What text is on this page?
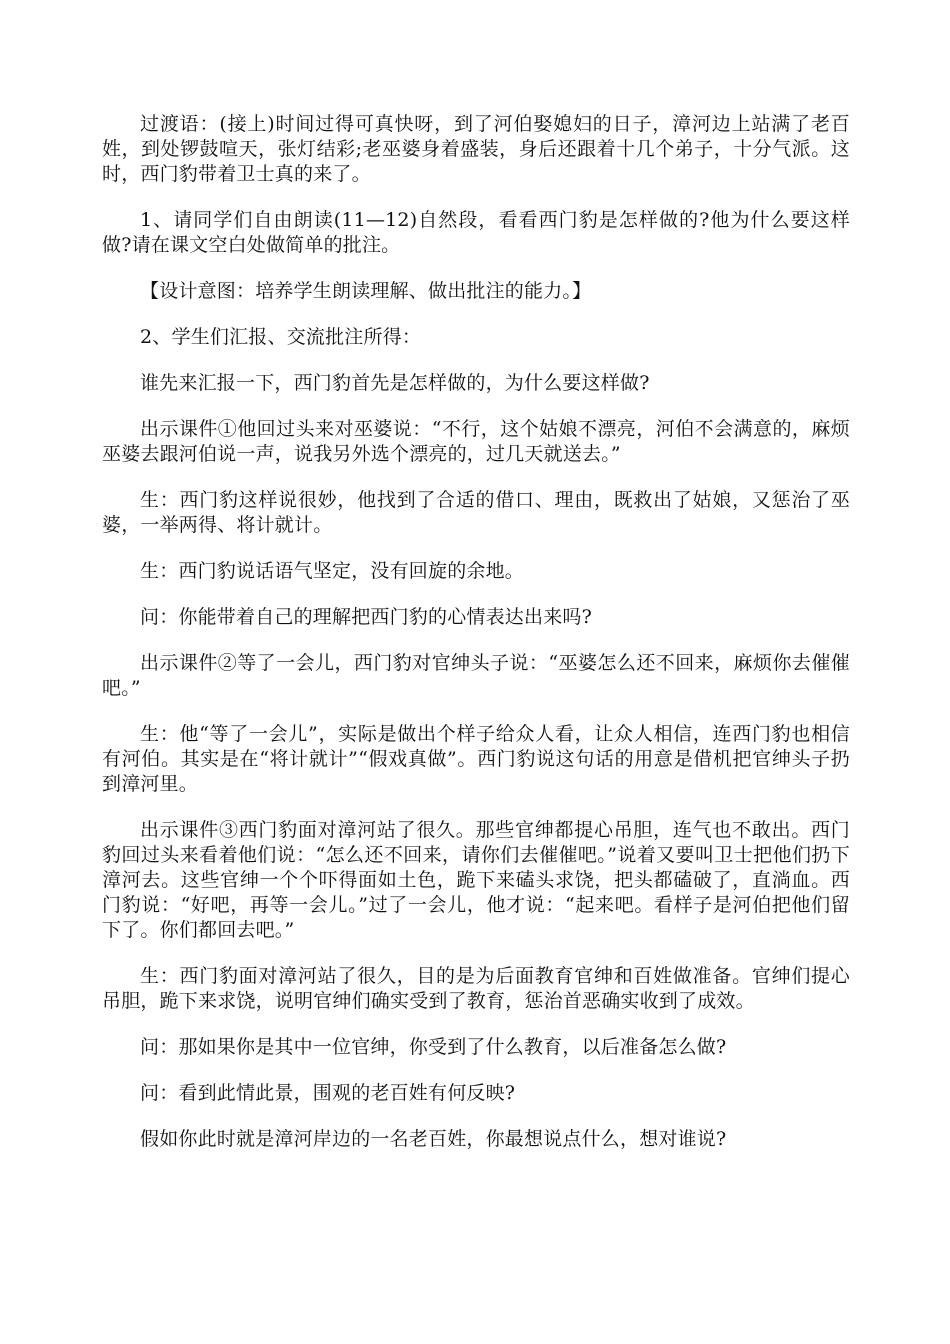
过渡语：(接上)时间过得可真快呀，到了河伯娶媳妇的日子，漳河边上站满了老百姓，到处锣鼓喧天，张灯结彩;老巫婆身着盛装，身后还跟着十几个弟子，十分气派。这时，西门豹带着卫士真的来了。

1、请同学们自由朗读(11—12)自然段，看看西门豹是怎样做的?他为什么要这样做?请在课文空白处做简单的批注。

【设计意图：培养学生朗读理解、做出批注的能力。】

2、学生们汇报、交流批注所得：

谁先来汇报一下，西门豹首先是怎样做的，为什么要这样做?

出示课件①他回过头来对巫婆说：“不行，这个姑娘不漂亮，河伯不会满意的，麻烦巫婆去跟河伯说一声，说我另外选个漂亮的，过几天就送去。”

生：西门豹这样说很妙，他找到了合适的借口、理由，既救出了姑娘，又惩治了巫婆，一举两得、将计就计。

生：西门豹说话语气坚定，没有回旋的余地。

问：你能带着自己的理解把西门豹的心情表达出来吗?

出示课件②等了一会儿，西门豹对官绅头子说：“巫婆怎么还不回来，麻烦你去催催吧。”

生：他“等了一会儿”，实际是做出个样子给众人看，让众人相信，连西门豹也相信有河伯。其实是在“将计就计”“假戏真做”。西门豹说这句话的用意是借机把官绅头子扔到漳河里。

出示课件③西门豹面对漳河站了很久。那些官绅都提心吊胆，连气也不敢出。西门豹回过头来看着他们说：“怎么还不回来，请你们去催催吧。”说着又要叫卫士把他们扔下漳河去。这些官绅一个个吓得面如土色，跪下来磕头求饶，把头都磕破了，直淌血。西门豹说：“好吧，再等一会儿。”过了一会儿，他才说：“起来吧。看样子是河伯把他们留下了。你们都回去吧。”

生：西门豹面对漳河站了很久，目的是为后面教育官绅和百姓做准备。官绅们提心吊胆，跪下来求饶，说明官绅们确实受到了教育，惩治首恶确实收到了成效。

问：那如果你是其中一位官绅，你受到了什么教育，以后准备怎么做?

问：看到此情此景，围观的老百姓有何反映?

假如你此时就是漳河岸边的一名老百姓，你最想说点什么，想对谁说?
